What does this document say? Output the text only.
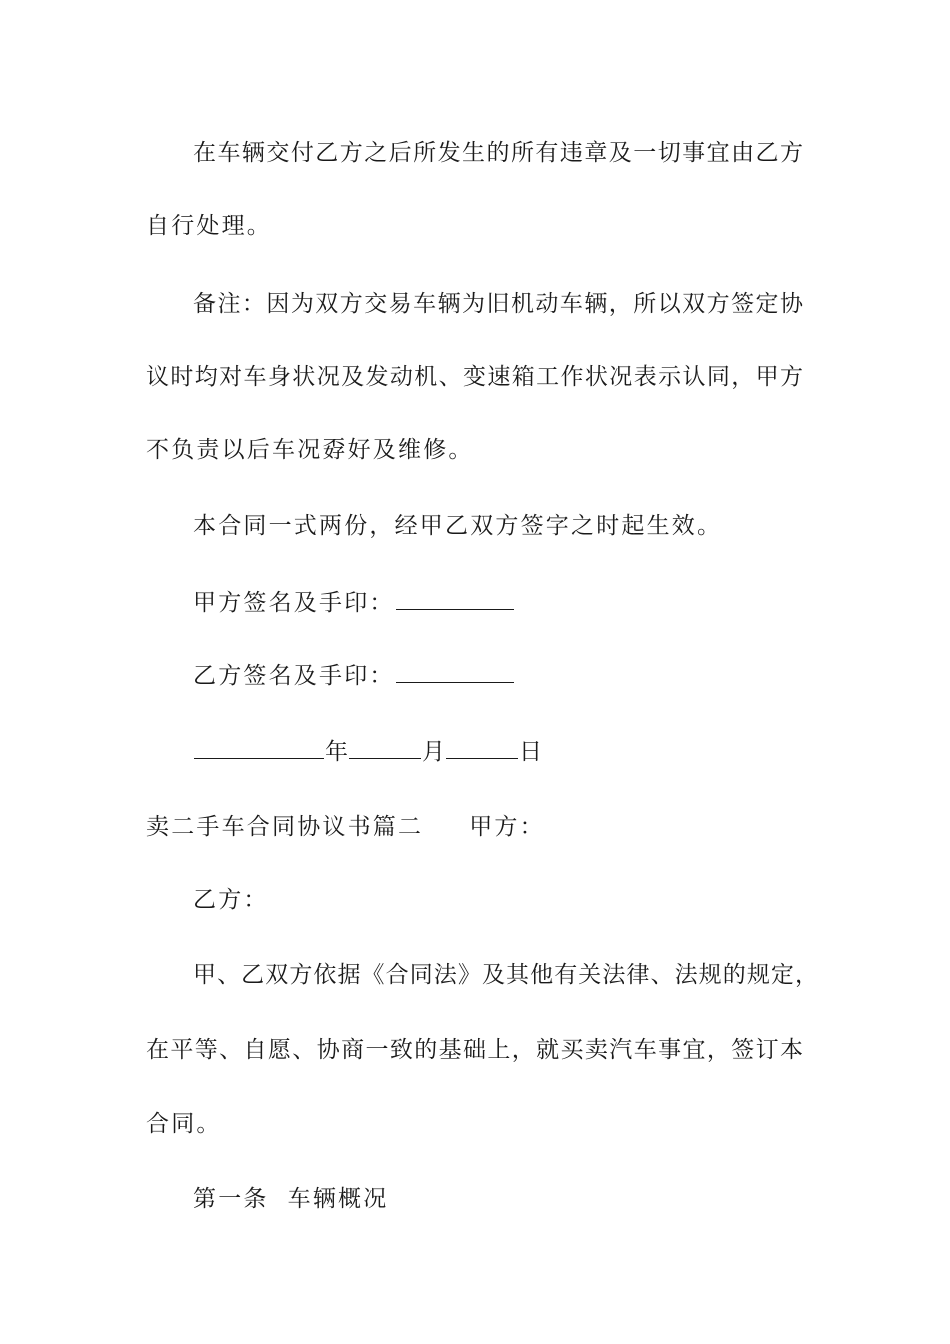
在车辆交付乙方之后所发生的所有违章及一切事宜由乙方
自行处理。
备注：因为双方交易车辆为旧机动车辆，所以双方签定协
议时均对车身状况及发动机、变速箱工作状况表示认同，甲方
不负责以后车况孬好及维修。
本合同一式两份，经甲乙双方签字之时起生效。
甲方签名及手印：
乙方签名及手印：
年	月	日
卖二手车合同协议书篇二 甲方：
乙方：
甲、乙双方依据《合同法》及其他有关法律、法规的规定，
在平等、自愿、协商一致的基础上，就买卖汽车事宜，签订本
合同。
第一条  车辆概况
